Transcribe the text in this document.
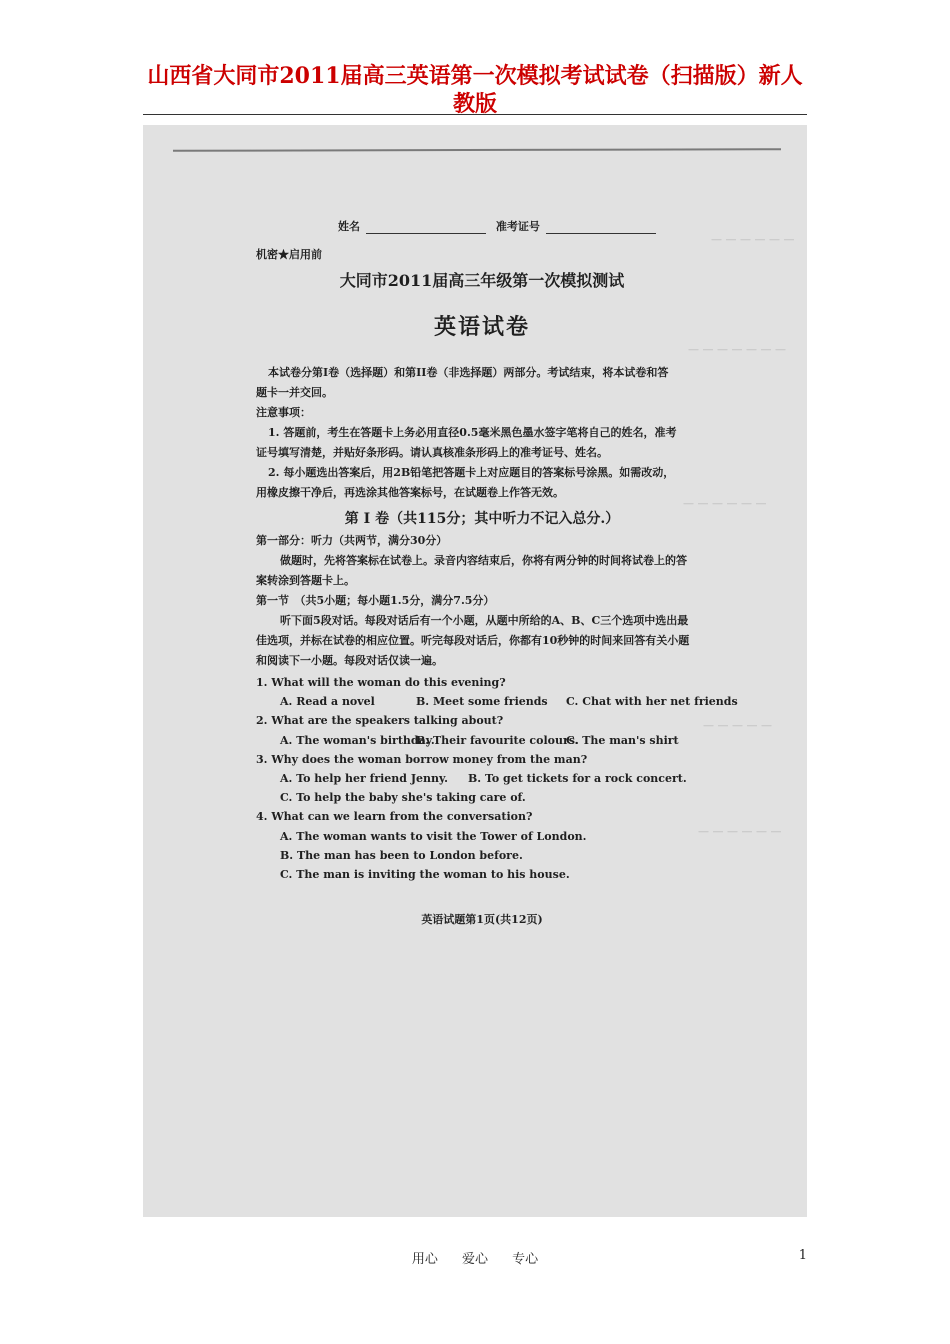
山西省大同市2011届高三英语第一次模拟考试试卷（扫描版）新人教版
— — — — — —
— — — — — — —
— — — — — —
— — — — —
— — — — — —
姓名	准考证号
机密★启用前
大同市2011届高三年级第一次模拟测试
英语试卷
本试卷分第I卷（选择题）和第II卷（非选择题）两部分。考试结束，将本试卷和答
题卡一并交回。
注意事项：
1. 答题前，考生在答题卡上务必用直径0.5毫米黑色墨水签字笔将自己的姓名，准考
证号填写清楚，并贴好条形码。请认真核准条形码上的准考证号、姓名。
2. 每小题选出答案后，用2B铅笔把答题卡上对应题目的答案标号涂黑。如需改动，
用橡皮擦干净后，再选涂其他答案标号，在试题卷上作答无效。
第 I 卷（共115分；其中听力不记入总分.）
第一部分：听力（共两节，满分30分）
做题时，先将答案标在试卷上。录音内容结束后，你将有两分钟的时间将试卷上的答
案转涂到答题卡上。
第一节　（共5小题；每小题1.5分，满分7.5分）
听下面5段对话。每段对话后有一个小题，从题中所给的A、B、C三个选项中选出最
佳选项，并标在试卷的相应位置。听完每段对话后，你都有10秒钟的时间来回答有关小题
和阅读下一小题。每段对话仅读一遍。
1. What will the woman do this evening?
A. Read a novel	B. Meet some friends C. Chat with her net friends
2. What are the speakers talking about?
A. The woman's birthday.
B. Their favourite colours.
C. The man's shirt
3. Why does the woman borrow money from the man?
A. To help her friend Jenny. B. To get tickets for a rock concert.
C. To help the baby she's taking care of.
4. What can we learn from the conversation?
A. The woman wants to visit the Tower of London.
B. The man has been to London before.
C. The man is inviting the woman to his house.
英语试题第1页(共12页)
用心 爱心 专心	1
